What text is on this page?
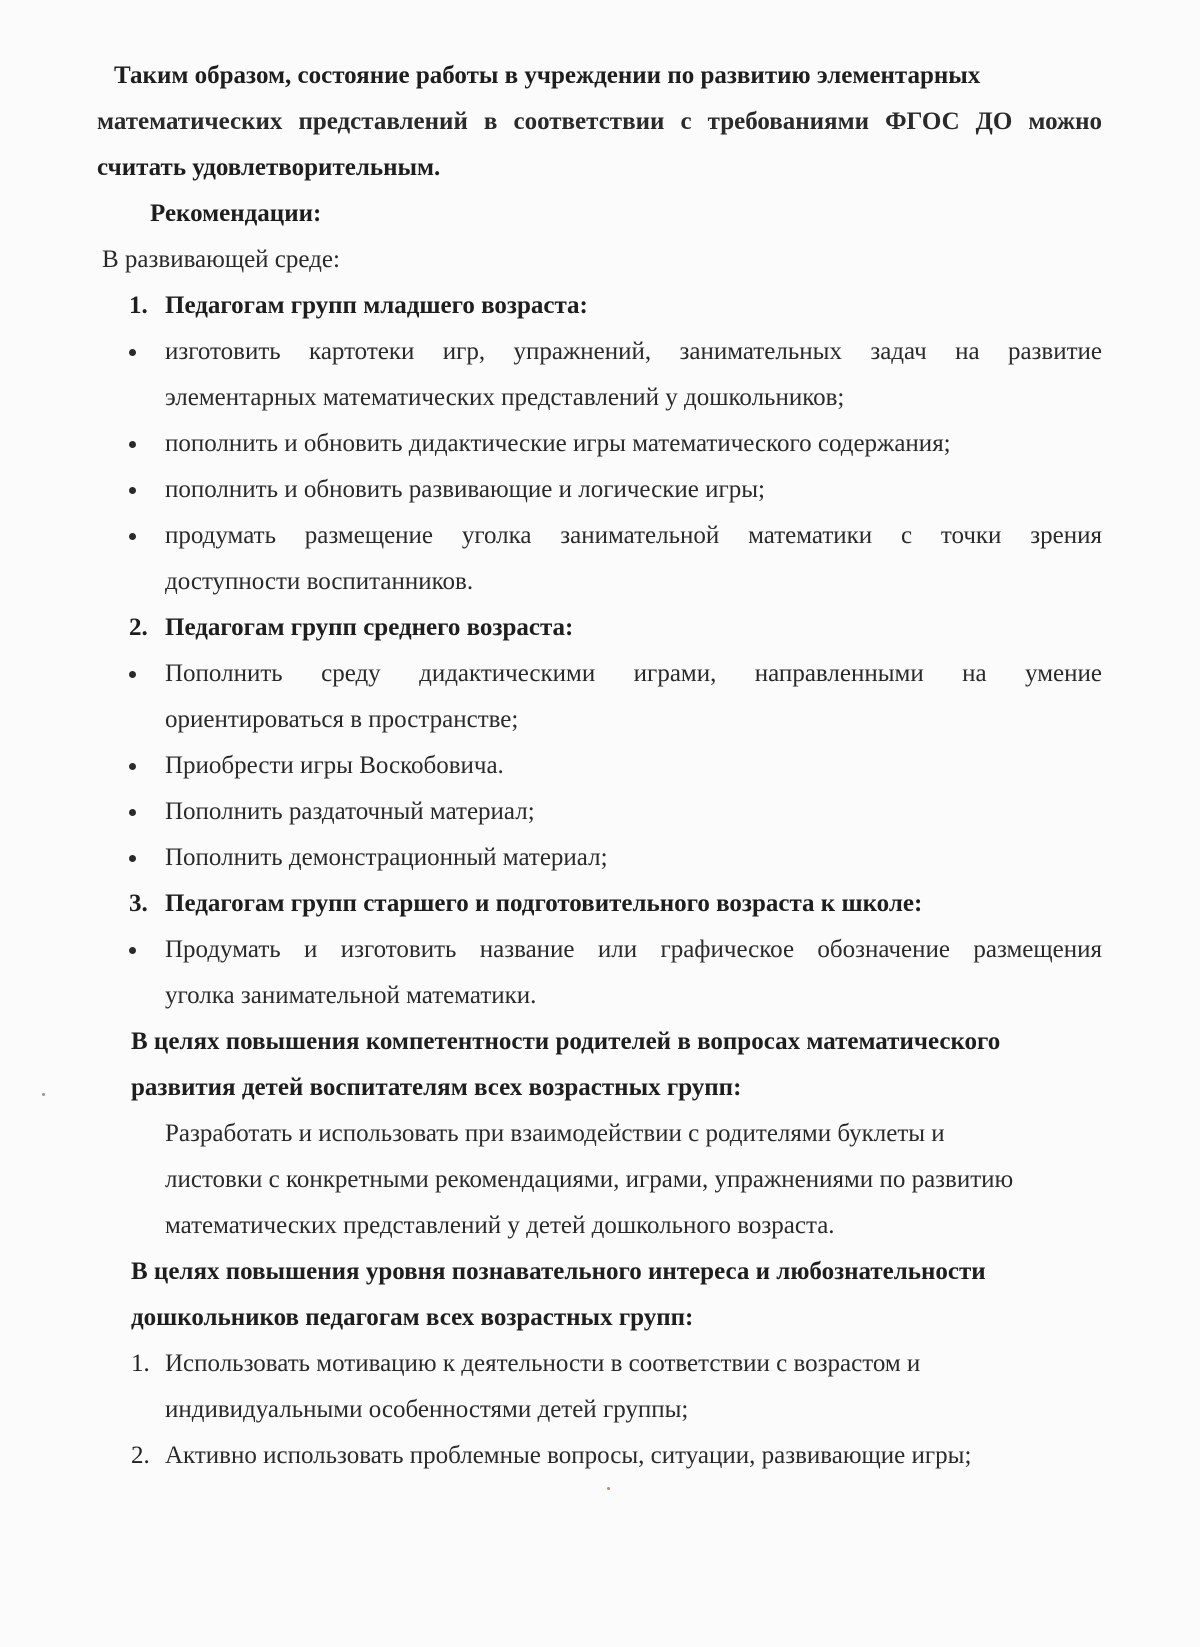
Таким образом, состояние работы в учреждении по развитию элементарных
математических представлений в соответствии с требованиями ФГОС ДО можно
считать удовлетворительным.
Рекомендации:
В развивающей среде:
1. Педагогам групп младшего возраста:
изготовить картотеки игр, упражнений, занимательных задач на развитие
элементарных математических представлений у дошкольников;
пополнить и обновить дидактические игры математического содержания;
пополнить и обновить развивающие и логические игры;
продумать размещение уголка занимательной математики с точки зрения
доступности воспитанников.
2. Педагогам групп среднего возраста:
Пополнить среду дидактическими играми, направленными на умение
ориентироваться в пространстве;
Приобрести игры Воскобовича.
Пополнить раздаточный материал;
Пополнить демонстрационный материал;
3. Педагогам групп старшего и подготовительного возраста к школе:
Продумать и изготовить название или графическое обозначение размещения
уголка занимательной математики.
В целях повышения компетентности родителей в вопросах математического
развития детей воспитателям всех возрастных групп:
Разработать и использовать при взаимодействии с родителями буклеты и
листовки с конкретными рекомендациями, играми, упражнениями по развитию
математических представлений у детей дошкольного возраста.
В целях повышения уровня познавательного интереса и любознательности
дошкольников педагогам всех возрастных групп:
1. Использовать мотивацию к деятельности в соответствии с возрастом и
индивидуальными особенностями детей группы;
2. Активно использовать проблемные вопросы, ситуации, развивающие игры;
